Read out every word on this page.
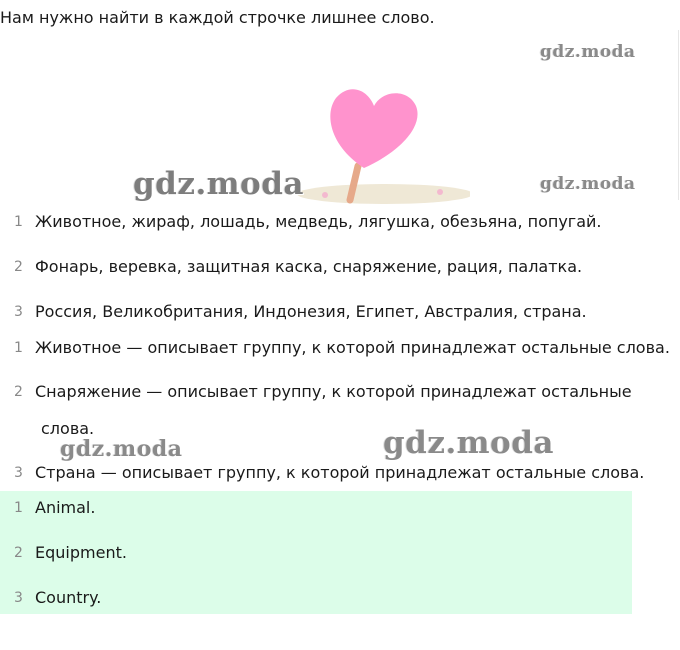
Нам нужно найти в каждой строчке лишнее слово.
gdz.moda
gdz.moda
gdz.moda
1 Животное, жираф, лошадь, медведь, лягушка, обезьяна, попугай.
2 Фонарь, веревка, защитная каска, снаряжение, рация, палатка.
3 Россия, Великобритания, Индонезия, Египет, Австралия, страна.
1 Животное — описывает группу, к которой принадлежат остальные слова.
2 Снаряжение — описывает группу, к которой принадлежат остальные
слова.
3 Страна — описывает группу, к которой принадлежат остальные слова.
gdz.moda	gdz.moda
1 Animal.
2 Equipment.
3 Country.
